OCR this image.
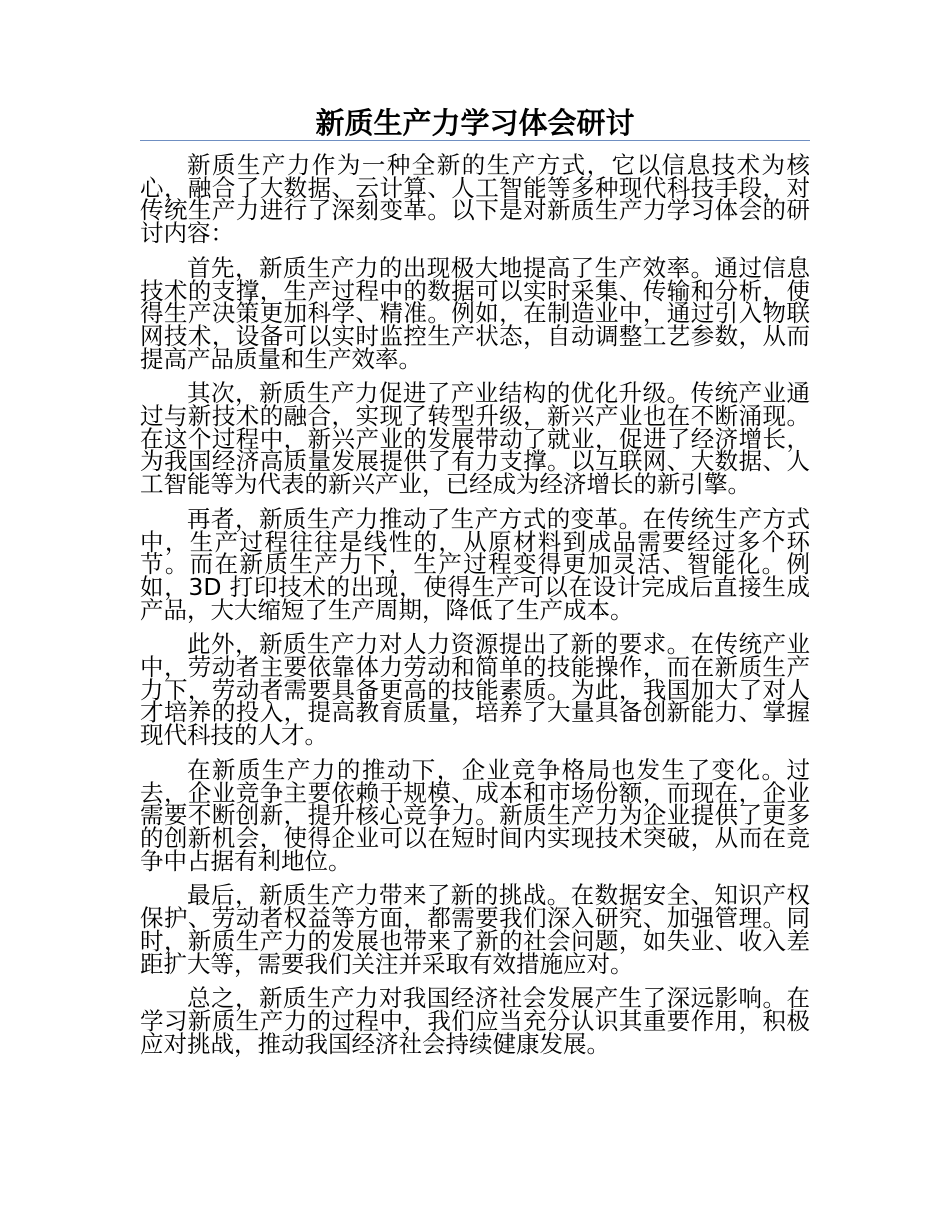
新质生产力学习体会研讨

新质生产力作为一种全新的生产方式，它以信息技术为核心，融合了大数据、云计算、人工智能等多种现代科技手段，对传统生产力进行了深刻变革。以下是对新质生产力学习体会的研讨内容：

首先，新质生产力的出现极大地提高了生产效率。通过信息技术的支撑，生产过程中的数据可以实时采集、传输和分析，使得生产决策更加科学、精准。例如，在制造业中，通过引入物联网技术，设备可以实时监控生产状态，自动调整工艺参数，从而提高产品质量和生产效率。

其次，新质生产力促进了产业结构的优化升级。传统产业通过与新技术的融合，实现了转型升级，新兴产业也在不断涌现。在这个过程中，新兴产业的发展带动了就业，促进了经济增长，为我国经济高质量发展提供了有力支撑。以互联网、大数据、人工智能等为代表的新兴产业，已经成为经济增长的新引擎。

再者，新质生产力推动了生产方式的变革。在传统生产方式中，生产过程往往是线性的，从原材料到成品需要经过多个环节。而在新质生产力下，生产过程变得更加灵活、智能化。例如，3D 打印技术的出现，使得生产可以在设计完成后直接生成产品，大大缩短了生产周期，降低了生产成本。

此外，新质生产力对人力资源提出了新的要求。在传统产业中，劳动者主要依靠体力劳动和简单的技能操作，而在新质生产力下，劳动者需要具备更高的技能素质。为此，我国加大了对人才培养的投入，提高教育质量，培养了大量具备创新能力、掌握现代科技的人才。

在新质生产力的推动下，企业竞争格局也发生了变化。过去，企业竞争主要依赖于规模、成本和市场份额，而现在，企业需要不断创新，提升核心竞争力。新质生产力为企业提供了更多的创新机会，使得企业可以在短时间内实现技术突破，从而在竞争中占据有利地位。

最后，新质生产力带来了新的挑战。在数据安全、知识产权保护、劳动者权益等方面，都需要我们深入研究、加强管理。同时，新质生产力的发展也带来了新的社会问题，如失业、收入差距扩大等，需要我们关注并采取有效措施应对。

总之，新质生产力对我国经济社会发展产生了深远影响。在学习新质生产力的过程中，我们应当充分认识其重要作用，积极应对挑战，推动我国经济社会持续健康发展。
